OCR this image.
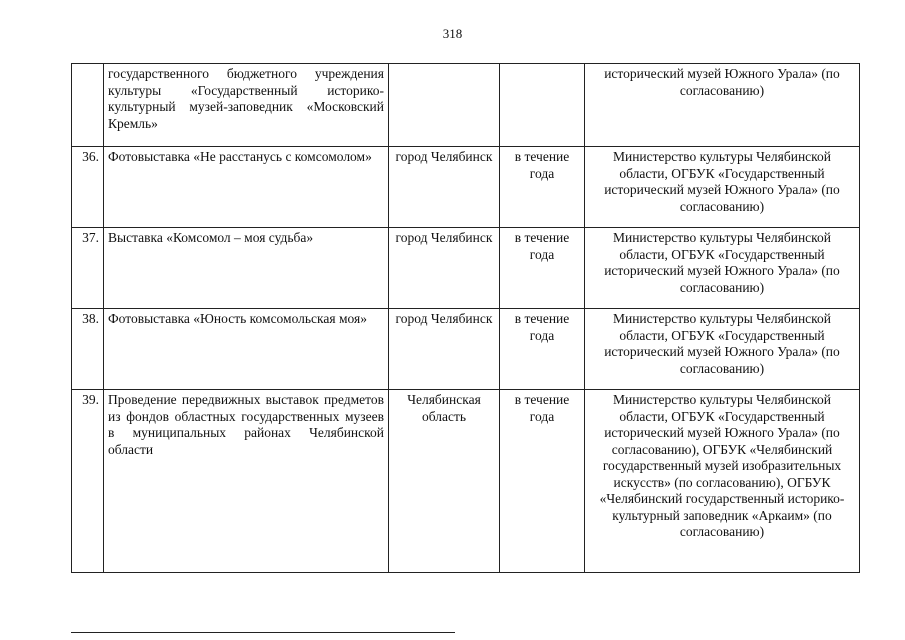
318
	государственного бюджетного учреждения культуры «Государственный историко-культурный музей-заповедник «Московский Кремль»			исторический музей Южного Урала» (по согласованию)
36.	Фотовыставка «Не расстанусь с комсомолом»	город Челябинск	в течение года	Министерство культуры Челябинской области, ОГБУК «Государственный исторический музей Южного Урала» (по согласованию)
37.	Выставка «Комсомол – моя судьба»	город Челябинск	в течение года	Министерство культуры Челябинской области, ОГБУК «Государственный исторический музей Южного Урала» (по согласованию)
38.	Фотовыставка «Юность комсомольская моя»	город Челябинск	в течение года	Министерство культуры Челябинской области, ОГБУК «Государственный исторический музей Южного Урала» (по согласованию)
39.	Проведение передвижных выставок предметов из фондов областных государственных музеев в муниципальных районах Челябинской области	Челябинская область	в течение года	Министерство культуры Челябинской области, ОГБУК «Государственный исторический музей Южного Урала» (по согласованию), ОГБУК «Челябинский государственный музей изобразительных искусств» (по согласованию), ОГБУК «Челябинский государственный историко-культурный заповедник «Аркаим» (по согласованию)
